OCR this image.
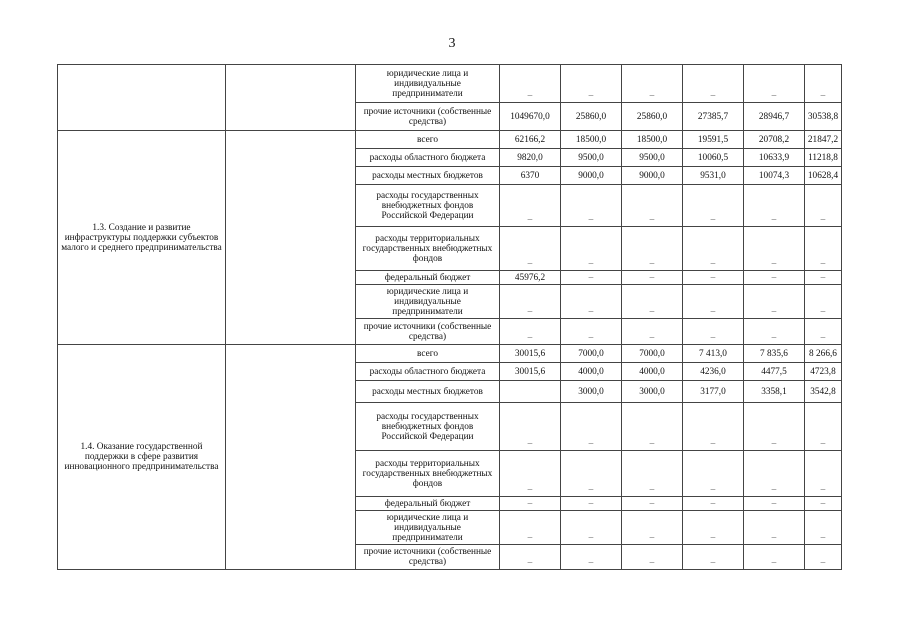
3
		юридические лица и индивидуальные предприниматели	–	–	–	–	–	–	
		прочие источники (собственные средства)	1049670,0	25860,0	25860,0	27385,7	28946,7	30538,8	
1.3. Создание и развитие инфраструктуры поддержки субъектов малого и среднего предпринимательства		всего	62166,2	18500,0	18500,0	19591,5	20708,2	21847,2	
		расходы областного бюджета	9820,0	9500,0	9500,0	10060,5	10633,9	11218,8	
		расходы местных бюджетов	6370	9000,0	9000,0	9531,0	10074,3	10628,4	
		расходы государственных внебюджетных фондов Российской Федерации	–	–	–	–	–	–	
		расходы территориальных государственных внебюджетных фондов	–	–	–	–	–	–	
		федеральный бюджет	45976,2	–	–	–	–	–	
		юридические лица и индивидуальные предприниматели	–	–	–	–	–	–	
		прочие источники (собственные средства)	–	–	–	–	–	–	
1.4. Оказание государственной поддержки в сфере развития инновационного предпринимательства		всего	30015,6	7000,0	7000,0	7 413,0	7 835,6	8 266,6	
		расходы областного бюджета	30015,6	4000,0	4000,0	4236,0	4477,5	4723,8	
		расходы местных бюджетов		3000,0	3000,0	3177,0	3358,1	3542,8	
		расходы государственных внебюджетных фондов Российской Федерации	–	–	–	–	–	–	
		расходы территориальных государственных внебюджетных фондов	–	–	–	–	–	–	
		федеральный бюджет	–	–	–	–	–	–	
		юридические лица и индивидуальные предприниматели	–	–	–	–	–	–	
		прочие источники (собственные средства)	–	–	–	–	–	–	
